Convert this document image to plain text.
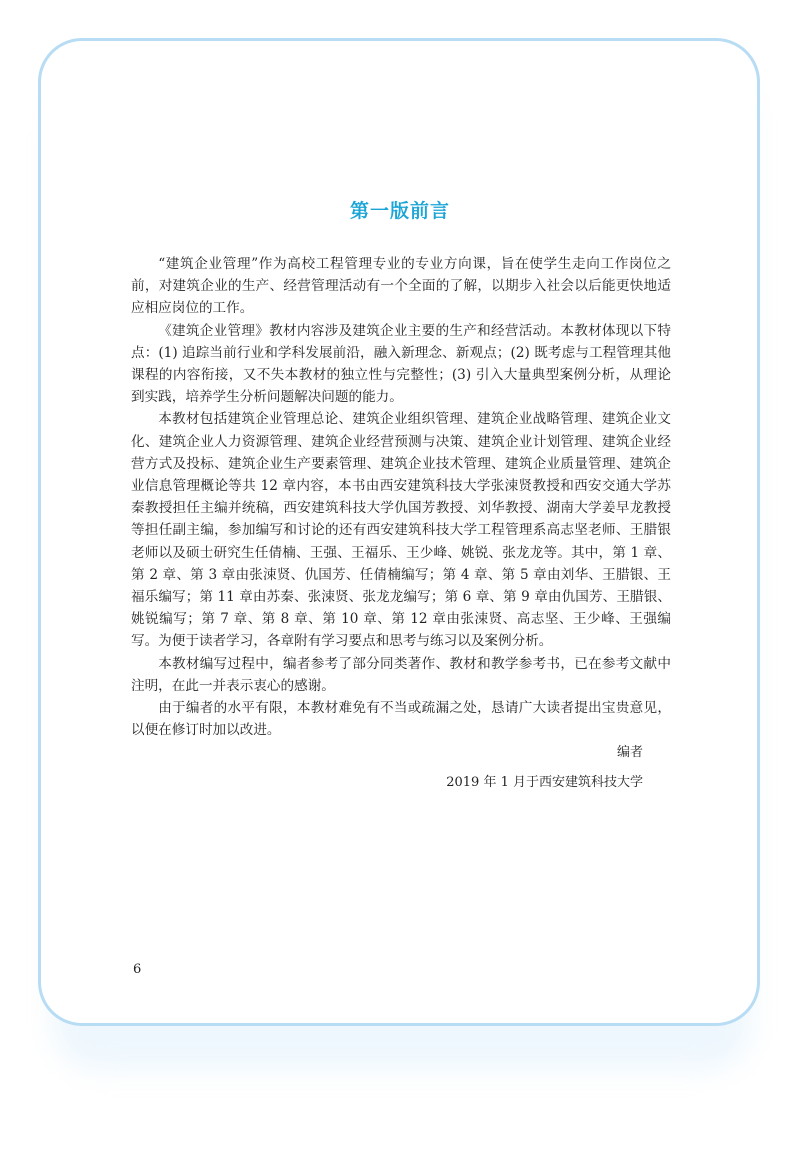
第一版前言

“建筑企业管理”作为高校工程管理专业的专业方向课，旨在使学生走向工作岗位之前，对建筑企业的生产、经营管理活动有一个全面的了解，以期步入社会以后能更快地适应相应岗位的工作。

《建筑企业管理》教材内容涉及建筑企业主要的生产和经营活动。本教材体现以下特点：(1) 追踪当前行业和学科发展前沿，融入新理念、新观点；(2) 既考虑与工程管理其他课程的内容衔接，又不失本教材的独立性与完整性；(3) 引入大量典型案例分析，从理论到实践，培养学生分析问题解决问题的能力。

本教材包括建筑企业管理总论、建筑企业组织管理、建筑企业战略管理、建筑企业文化、建筑企业人力资源管理、建筑企业经营预测与决策、建筑企业计划管理、建筑企业经营方式及投标、建筑企业生产要素管理、建筑企业技术管理、建筑企业质量管理、建筑企业信息管理概论等共 12 章内容，本书由西安建筑科技大学张涑贤教授和西安交通大学苏秦教授担任主编并统稿，西安建筑科技大学仇国芳教授、刘华教授、湖南大学姜早龙教授等担任副主编，参加编写和讨论的还有西安建筑科技大学工程管理系高志坚老师、王腊银老师以及硕士研究生任倩楠、王强、王福乐、王少峰、姚锐、张龙龙等。其中，第 1 章、第 2 章、第 3 章由张涑贤、仇国芳、任倩楠编写；第 4 章、第 5 章由刘华、王腊银、王福乐编写；第 11 章由苏秦、张涑贤、张龙龙编写；第 6 章、第 9 章由仇国芳、王腊银、姚锐编写；第 7 章、第 8 章、第 10 章、第 12 章由张涑贤、高志坚、王少峰、王强编写。为便于读者学习，各章附有学习要点和思考与练习以及案例分析。

本教材编写过程中，编者参考了部分同类著作、教材和教学参考书，已在参考文献中注明，在此一并表示衷心的感谢。

由于编者的水平有限，本教材难免有不当或疏漏之处，恳请广大读者提出宝贵意见，以便在修订时加以改进。

编者
2019 年 1 月于西安建筑科技大学
6
